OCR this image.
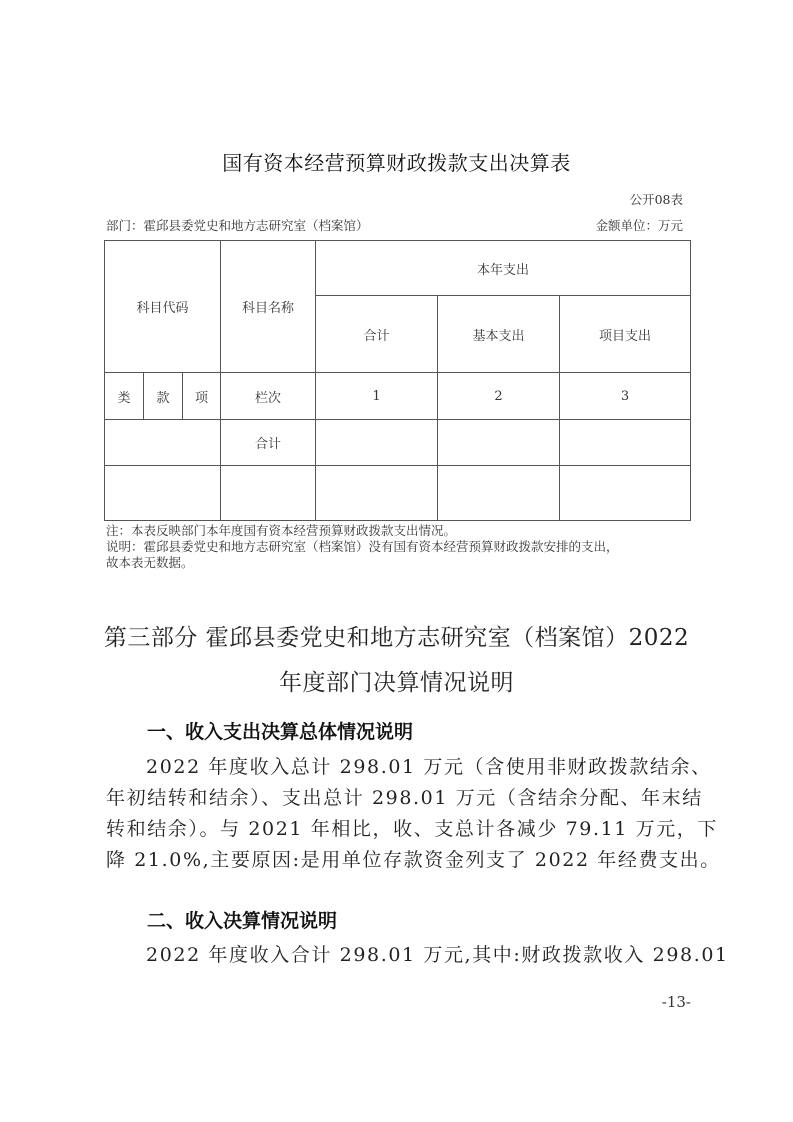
国有资本经营预算财政拨款支出决算表
公开08表
部门：霍邱县委党史和地方志研究室（档案馆）	金额单位：万元
科目代码			科目名称	本年支出		
				合计	基本支出	项目支出
类	款	项	栏次	1	2	3
			合计			

注：本表反映部门本年度国有资本经营预算财政拨款支出情况。
说明：霍邱县委党史和地方志研究室（档案馆）没有国有资本经营预算财政拨款安排的支出，
故本表无数据。
第三部分 霍邱县委党史和地方志研究室（档案馆）2022
年度部门决算情况说明
一、收入支出决算总体情况说明
2022 年度收入总计 298.01 万元（含使用非财政拨款结余、
年初结转和结余）、支出总计 298.01 万元（含结余分配、年末结
转和结余）。与 2021 年相比，收、支总计各减少 79.11 万元，下
降 21.0%,主要原因:是用单位存款资金列支了 2022 年经费支出。
二、收入决算情况说明
2022 年度收入合计 298.01 万元,其中:财政拨款收入 298.01
-13-
